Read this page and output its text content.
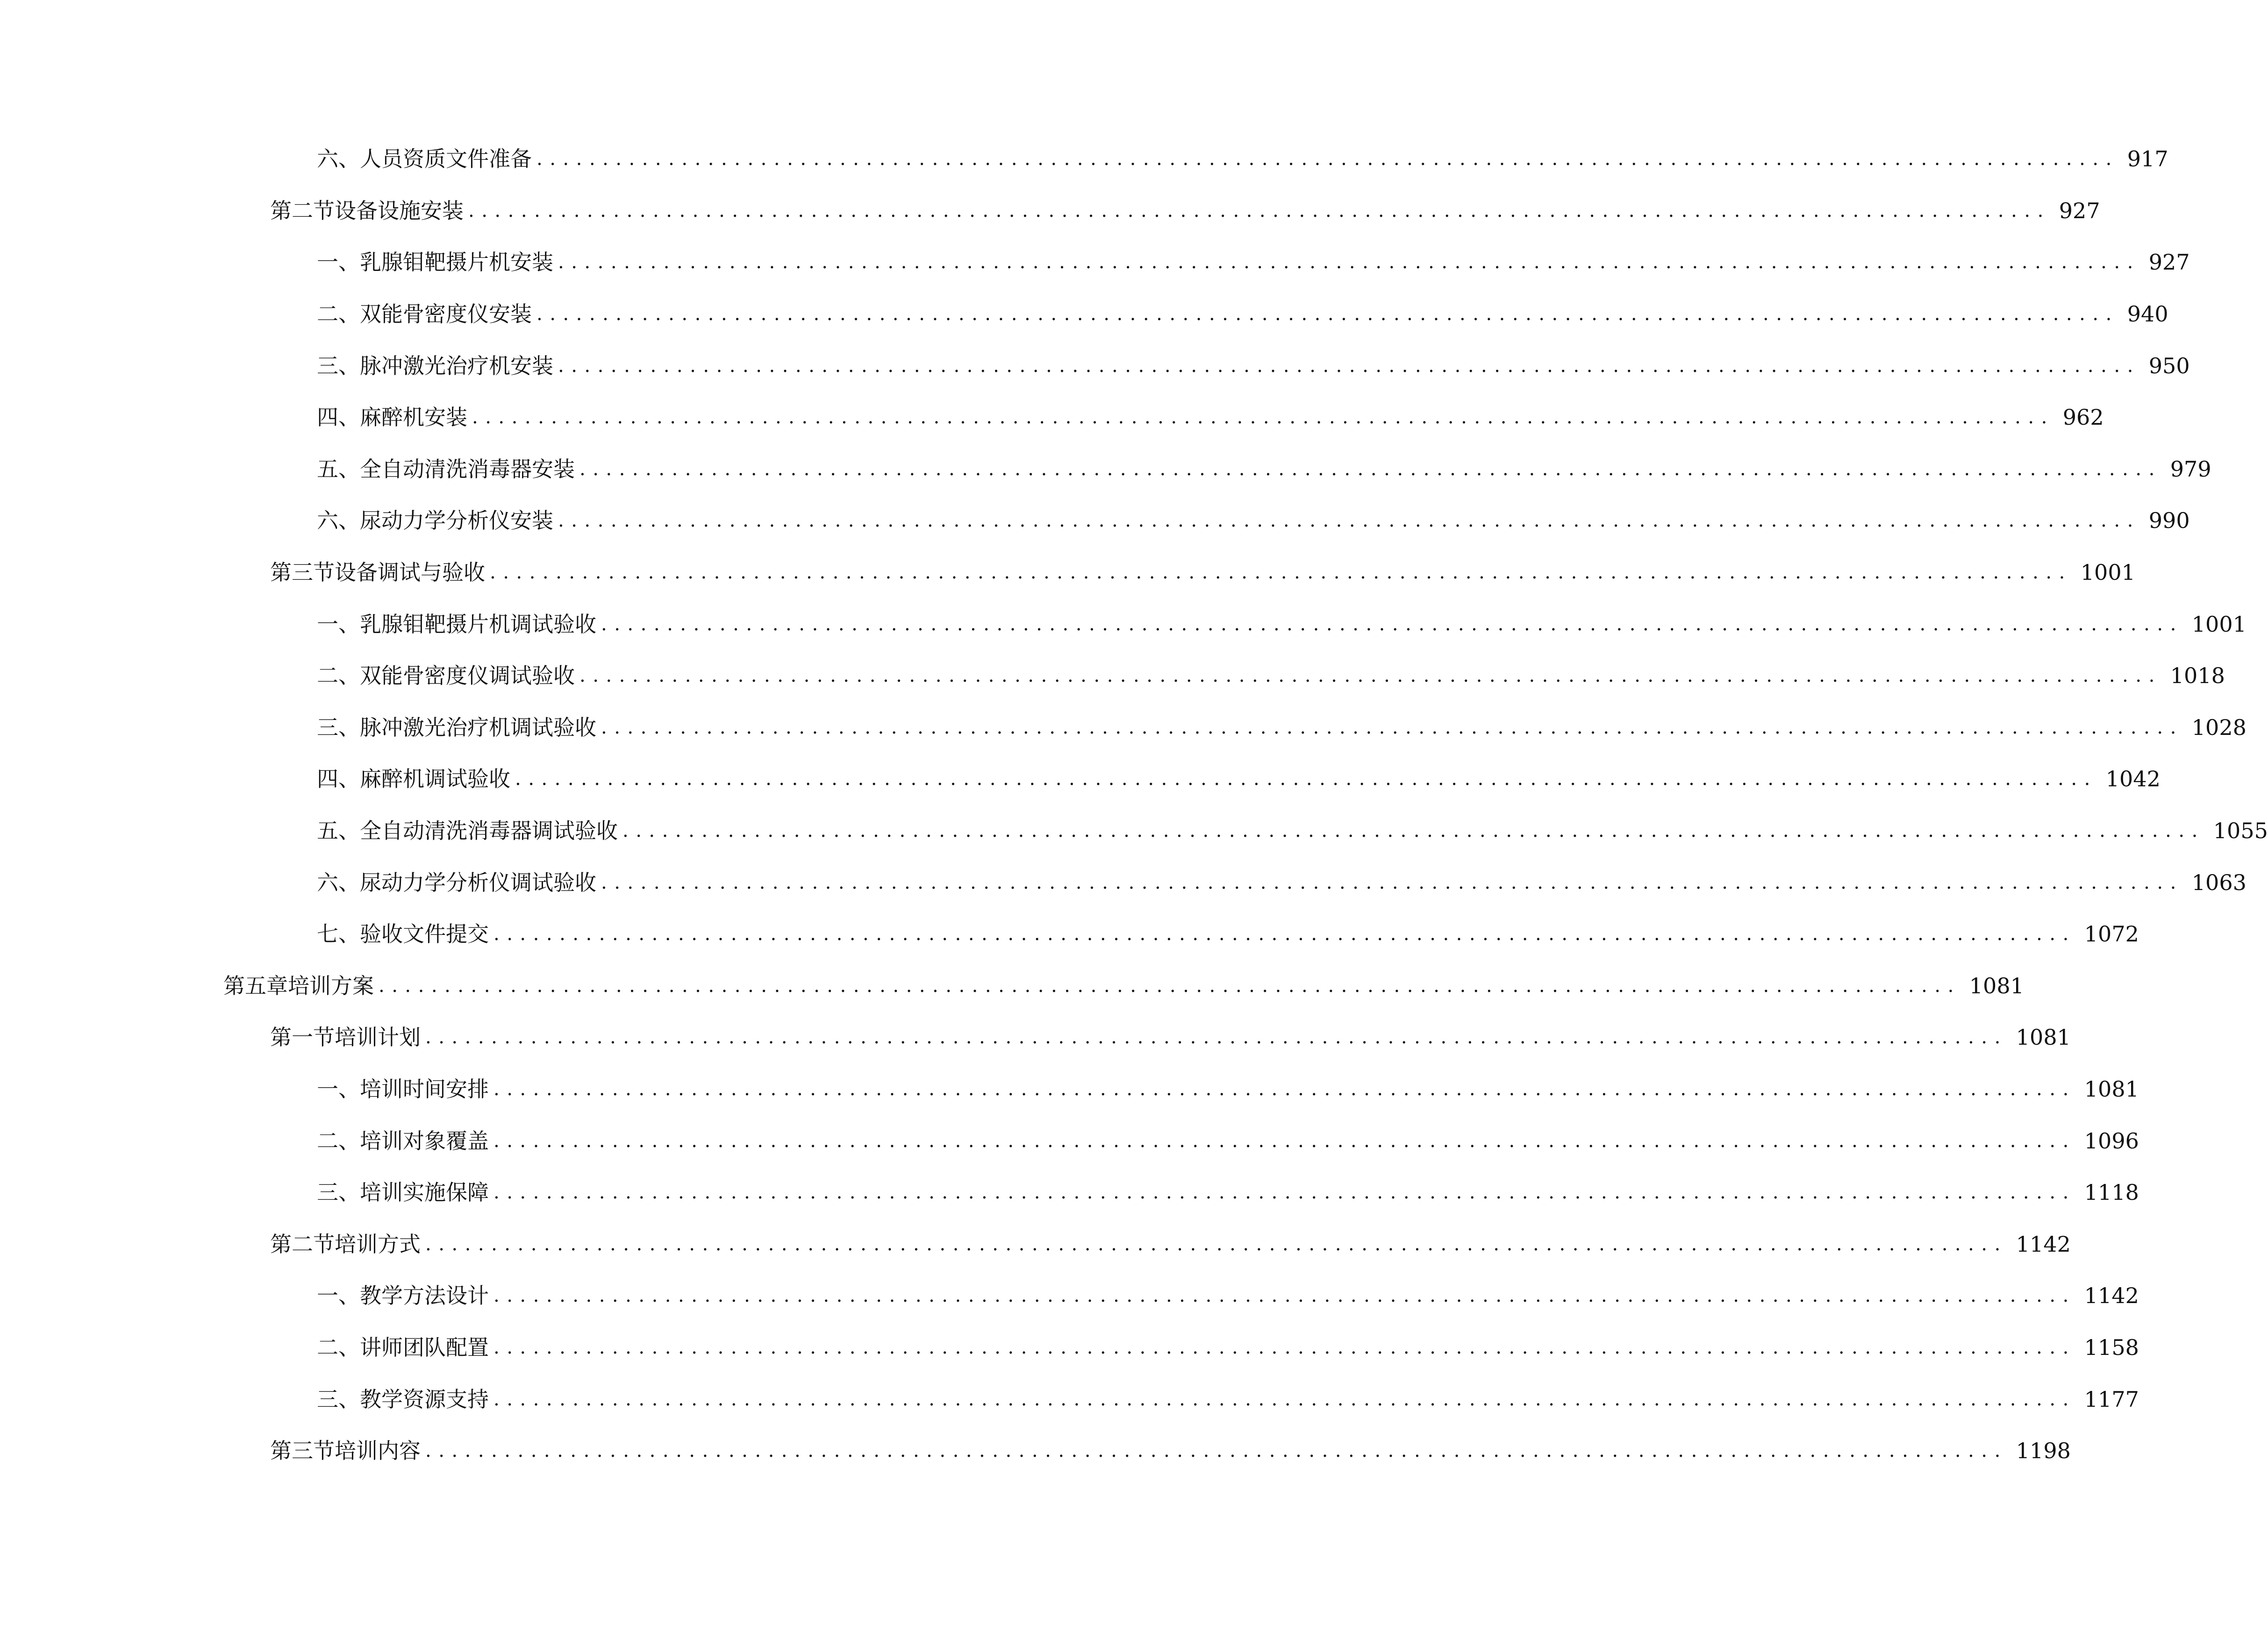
六、 人员资质文件准备 ........................................................................................................................ 917
第二节 设备设施安装 ........................................................................................................................ 927
一、 乳腺钼靶摄片机安装 ........................................................................................................................ 927
二、 双能骨密度仪安装 ........................................................................................................................ 940
三、 脉冲激光治疗机安装 ........................................................................................................................ 950
四、 麻醉机安装 ........................................................................................................................ 962
五、 全自动清洗消毒器安装 ........................................................................................................................ 979
六、 尿动力学分析仪安装 ........................................................................................................................ 990
第三节 设备调试与验收 ........................................................................................................................ 1001
一、 乳腺钼靶摄片机调试验收 ........................................................................................................................ 1001
二、 双能骨密度仪调试验收 ........................................................................................................................ 1018
三、 脉冲激光治疗机调试验收 ........................................................................................................................ 1028
四、 麻醉机调试验收 ........................................................................................................................ 1042
五、 全自动清洗消毒器调试验收 ........................................................................................................................ 1055
六、 尿动力学分析仪调试验收 ........................................................................................................................ 1063
七、 验收文件提交 ........................................................................................................................ 1072
第五章 培训方案 ........................................................................................................................ 1081
第一节 培训计划 ........................................................................................................................ 1081
一、 培训时间安排 ........................................................................................................................ 1081
二、 培训对象覆盖 ........................................................................................................................ 1096
三、 培训实施保障 ........................................................................................................................ 1118
第二节 培训方式 ........................................................................................................................ 1142
一、 教学方法设计 ........................................................................................................................ 1142
二、 讲师团队配置 ........................................................................................................................ 1158
三、 教学资源支持 ........................................................................................................................ 1177
第三节 培训内容 ........................................................................................................................ 1198
